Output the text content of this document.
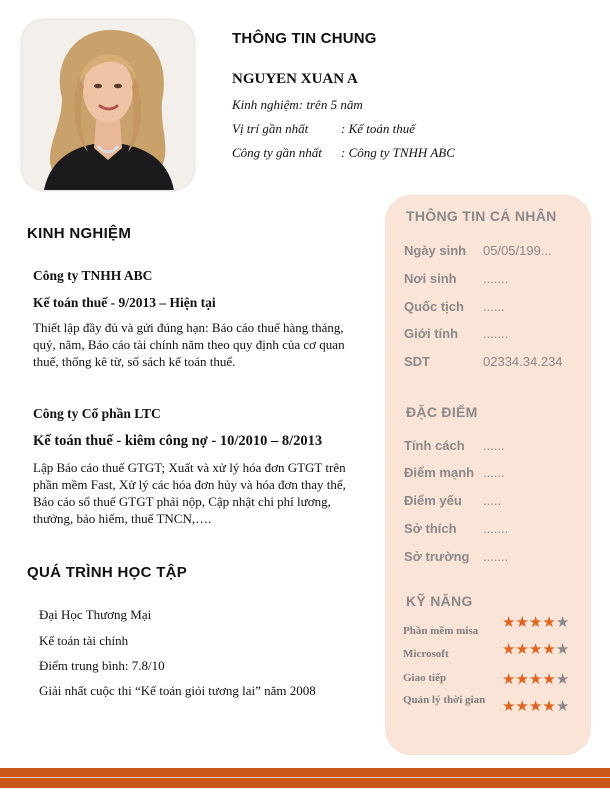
THÔNG TIN CHUNG
NGUYEN XUAN A
Kinh nghiệm: trên 5 năm
Vị trí gần nhất	: Kế toán thuế
Công ty gần nhất : Công ty TNHH ABC
KINH NGHIỆM
Công ty TNHH ABC
Kế toán thuế - 9/2013 – Hiện tại
Thiết lập đầy đủ và gửi đúng hạn: Báo cáo thuế hàng tháng, quý, năm, Báo cáo tài chính năm theo quy định của cơ quan thuế, thống kê từ, sổ sách kế toán thuế.
Công ty Cổ phần LTC
Kế toán thuế - kiêm công nợ - 10/2010 – 8/2013
Lập Báo cáo thuế GTGT; Xuất và xử lý hóa đơn GTGT trên phần mềm Fast, Xử lý các hóa đơn hủy và hóa đơn thay thế, Báo cáo sổ thuế GTGT phải nộp, Cập nhật chi phí lương, thưởng, bảo hiểm, thuế TNCN,….
QUÁ TRÌNH HỌC TẬP
Đại Học Thương Mại
Kế toán tài chính
Điểm trung bình: 7.8/10
Giải nhất cuộc thi “Kế toán giỏi tương lai” năm 2008
THÔNG TIN CÁ NHÂN
Ngày sinh 05/05/199...
Nơi sinh .......
Quốc tịch ......
Giới tính .......
SDT	02334.34.234
ĐẶC ĐIỂM
Tính cách ......
Điểm mạnh ......
Điểm yếu .....
Sở thích .......
Sở trường .......
KỸ NĂNG
Phần mềm misa ★★★★★
Microsoft	★★★★★
Giao tiếp	★★★★★
Quản lý thời gian ★★★★★
